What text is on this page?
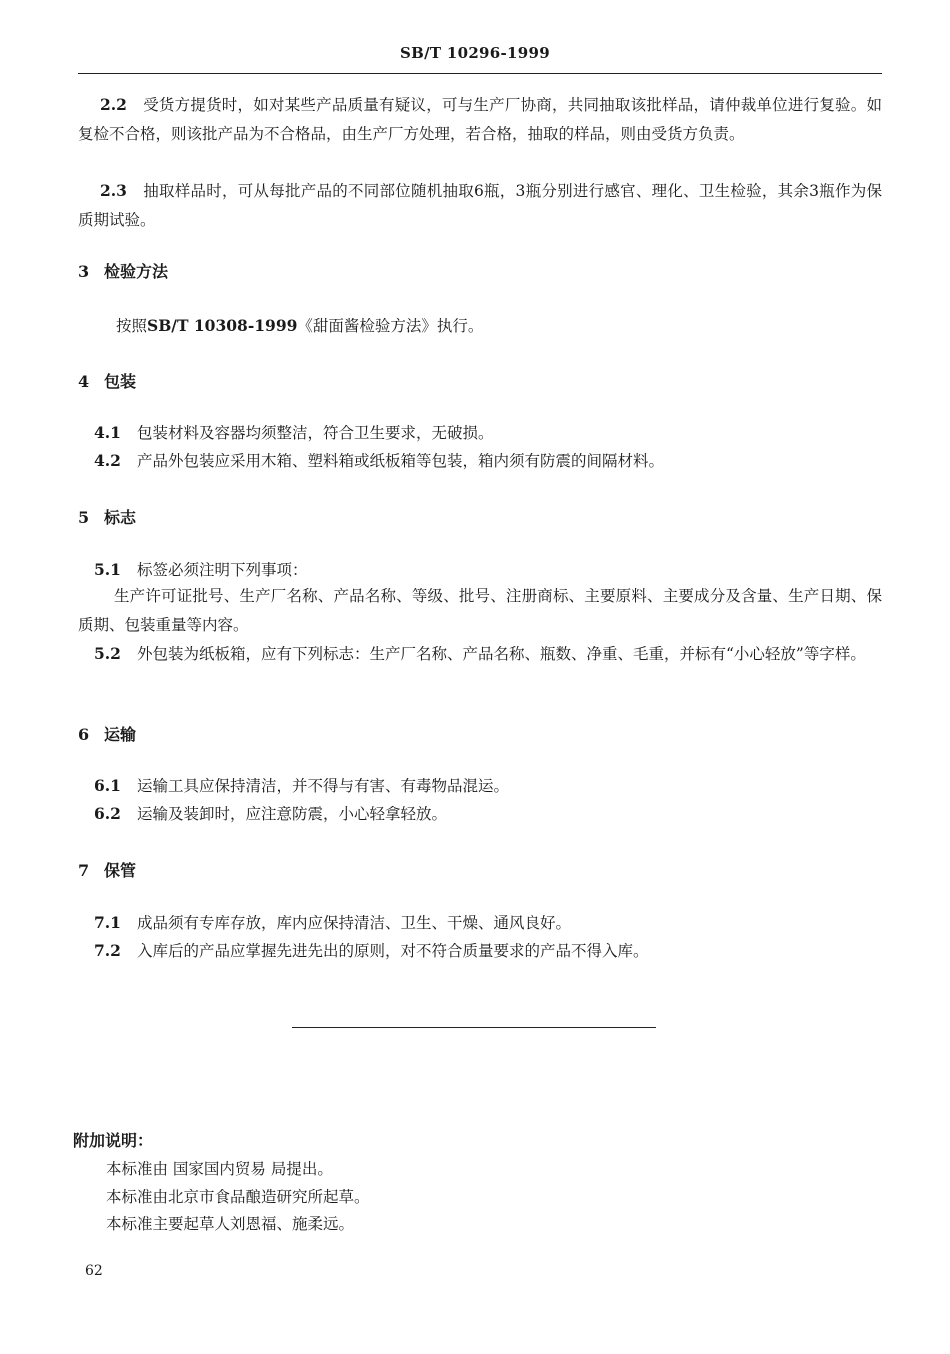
SB/T 10296-1999
2.2 受货方提货时，如对某些产品质量有疑议，可与生产厂协商，共同抽取该批样品，请仲裁单位进行复验。如复检不合格，则该批产品为不合格品，由生产厂方处理，若合格，抽取的样品，则由受货方负责。
2.3 抽取样品时，可从每批产品的不同部位随机抽取6瓶，3瓶分别进行感官、理化、卫生检验，其余3瓶作为保质期试验。
3 检验方法
按照SB/T 10308-1999《甜面酱检验方法》执行。
4 包装
4.1 包装材料及容器均须整洁，符合卫生要求，无破损。
4.2 产品外包装应采用木箱、塑料箱或纸板箱等包装，箱内须有防震的间隔材料。
5 标志
5.1 标签必须注明下列事项：
生产许可证批号、生产厂名称、产品名称、等级、批号、注册商标、主要原料、主要成分及含量、生产日期、保质期、包装重量等内容。
5.2 外包装为纸板箱，应有下列标志：生产厂名称、产品名称、瓶数、净重、毛重，并标有“小心轻放”等字样。
6 运输
6.1 运输工具应保持清洁，并不得与有害、有毒物品混运。
6.2 运输及装卸时，应注意防震，小心轻拿轻放。
7 保管
7.1 成品须有专库存放，库内应保持清洁、卫生、干燥、通风良好。
7.2 入库后的产品应掌握先进先出的原则，对不符合质量要求的产品不得入库。
附加说明：
本标准由 国家国内贸易 局提出。
本标准由北京市食品酿造研究所起草。
本标准主要起草人刘恩福、施柔远。
62
